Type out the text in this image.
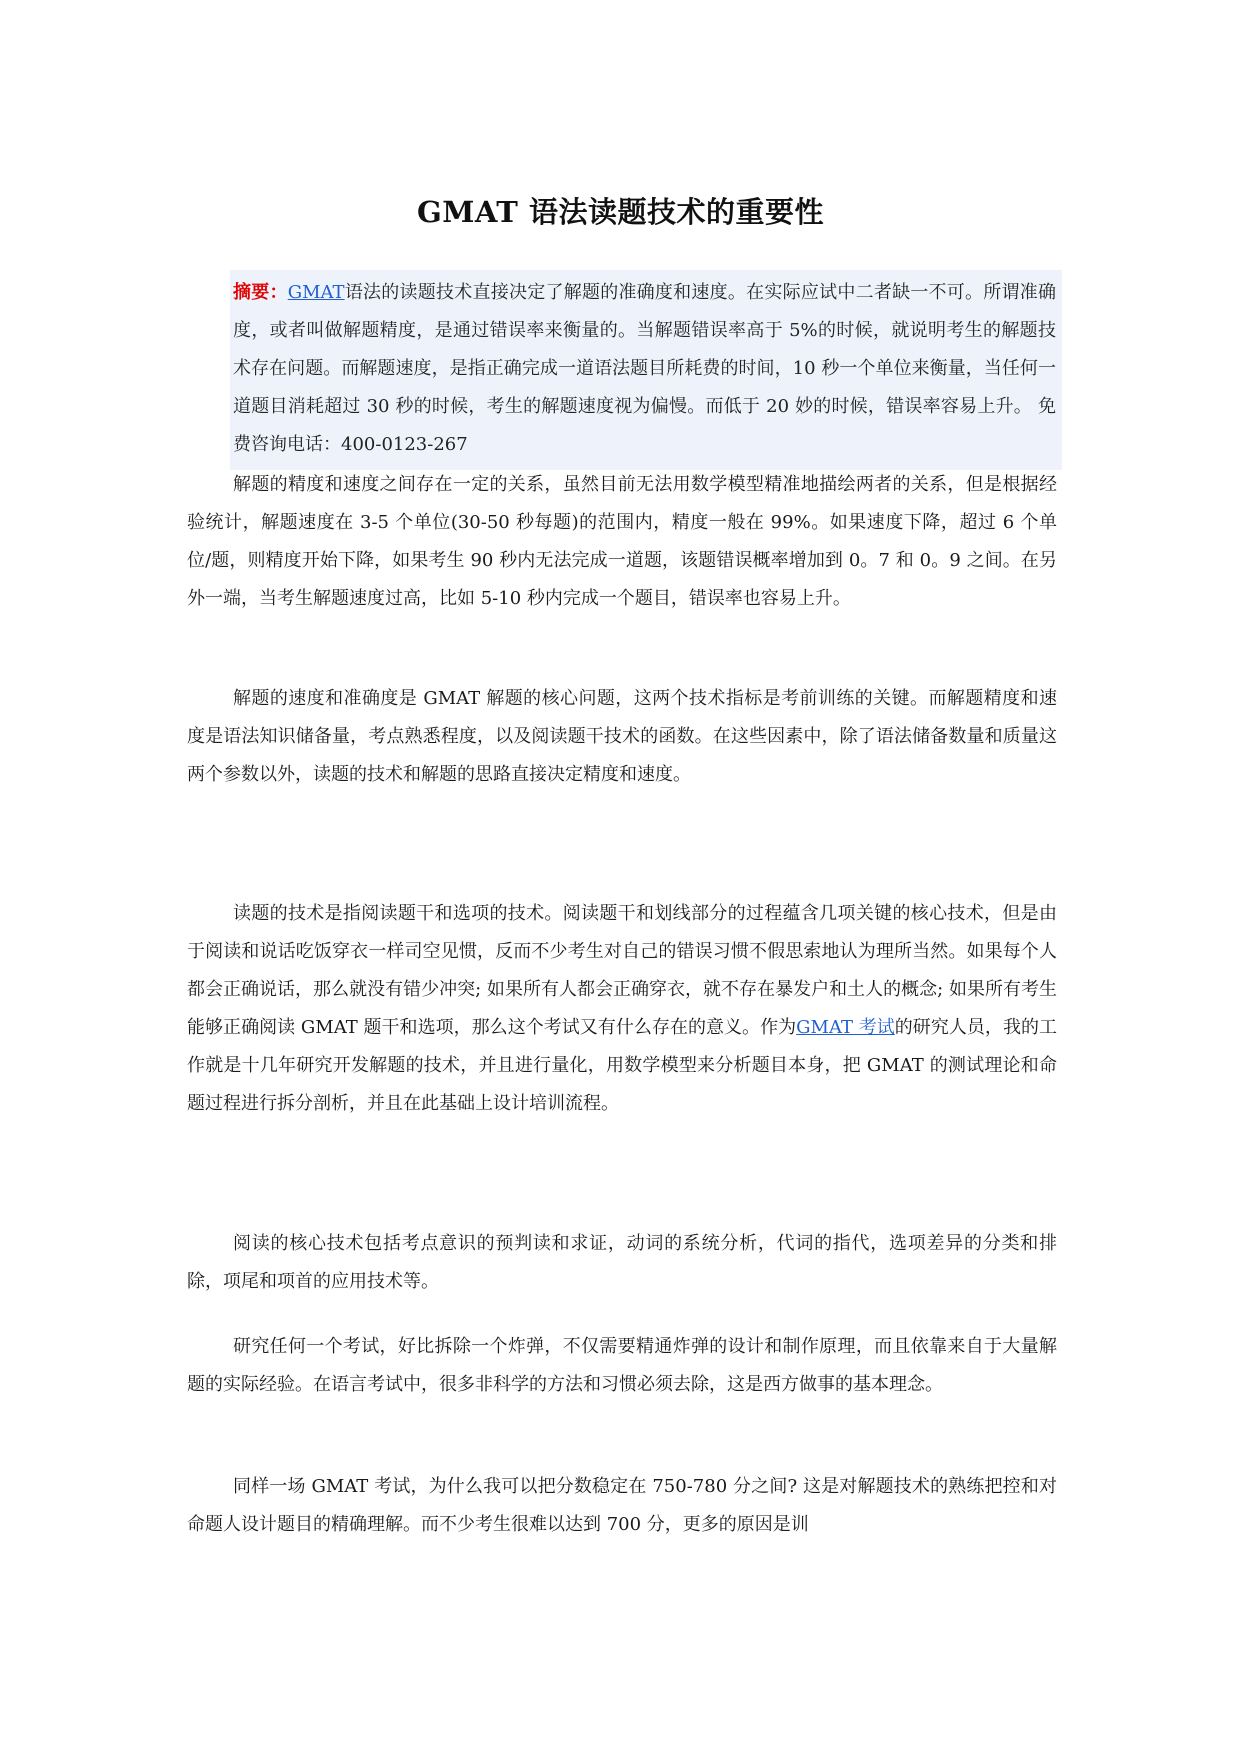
GMAT 语法读题技术的重要性
摘要：GMAT语法的读题技术直接决定了解题的准确度和速度。在实际应试中二者缺一不可。所谓准确度，或者叫做解题精度，是通过错误率来衡量的。当解题错误率高于 5%的时候，就说明考生的解题技术存在问题。而解题速度，是指正确完成一道语法题目所耗费的时间，10 秒一个单位来衡量，当任何一道题目消耗超过 30 秒的时候，考生的解题速度视为偏慢。而低于 20 妙的时候，错误率容易上升。 免费咨询电话：400-0123-267

解题的精度和速度之间存在一定的关系，虽然目前无法用数学模型精准地描绘两者的关系，但是根据经验统计，解题速度在 3-5 个单位(30-50 秒每题)的范围内，精度一般在 99%。如果速度下降，超过 6 个单位/题，则精度开始下降，如果考生 90 秒内无法完成一道题，该题错误概率增加到 0。7 和 0。9 之间。在另外一端，当考生解题速度过高，比如 5-10 秒内完成一个题目，错误率也容易上升。

解题的速度和准确度是 GMAT 解题的核心问题，这两个技术指标是考前训练的关键。而解题精度和速度是语法知识储备量，考点熟悉程度，以及阅读题干技术的函数。在这些因素中，除了语法储备数量和质量这两个参数以外，读题的技术和解题的思路直接决定精度和速度。

读题的技术是指阅读题干和选项的技术。阅读题干和划线部分的过程蕴含几项关键的核心技术，但是由于阅读和说话吃饭穿衣一样司空见惯，反而不少考生对自己的错误习惯不假思索地认为理所当然。如果每个人都会正确说话，那么就没有错少冲突; 如果所有人都会正确穿衣，就不存在暴发户和土人的概念; 如果所有考生能够正确阅读 GMAT 题干和选项，那么这个考试又有什么存在的意义。作为GMAT 考试的研究人员，我的工作就是十几年研究开发解题的技术，并且进行量化，用数学模型来分析题目本身，把 GMAT 的测试理论和命题过程进行拆分剖析，并且在此基础上设计培训流程。

阅读的核心技术包括考点意识的预判读和求证，动词的系统分析，代词的指代，选项差异的分类和排除，项尾和项首的应用技术等。

研究任何一个考试，好比拆除一个炸弹，不仅需要精通炸弹的设计和制作原理，而且依靠来自于大量解题的实际经验。在语言考试中，很多非科学的方法和习惯必须去除，这是西方做事的基本理念。

同样一场 GMAT 考试，为什么我可以把分数稳定在 750-780 分之间? 这是对解题技术的熟练把控和对命题人设计题目的精确理解。而不少考生很难以达到 700 分，更多的原因是训
